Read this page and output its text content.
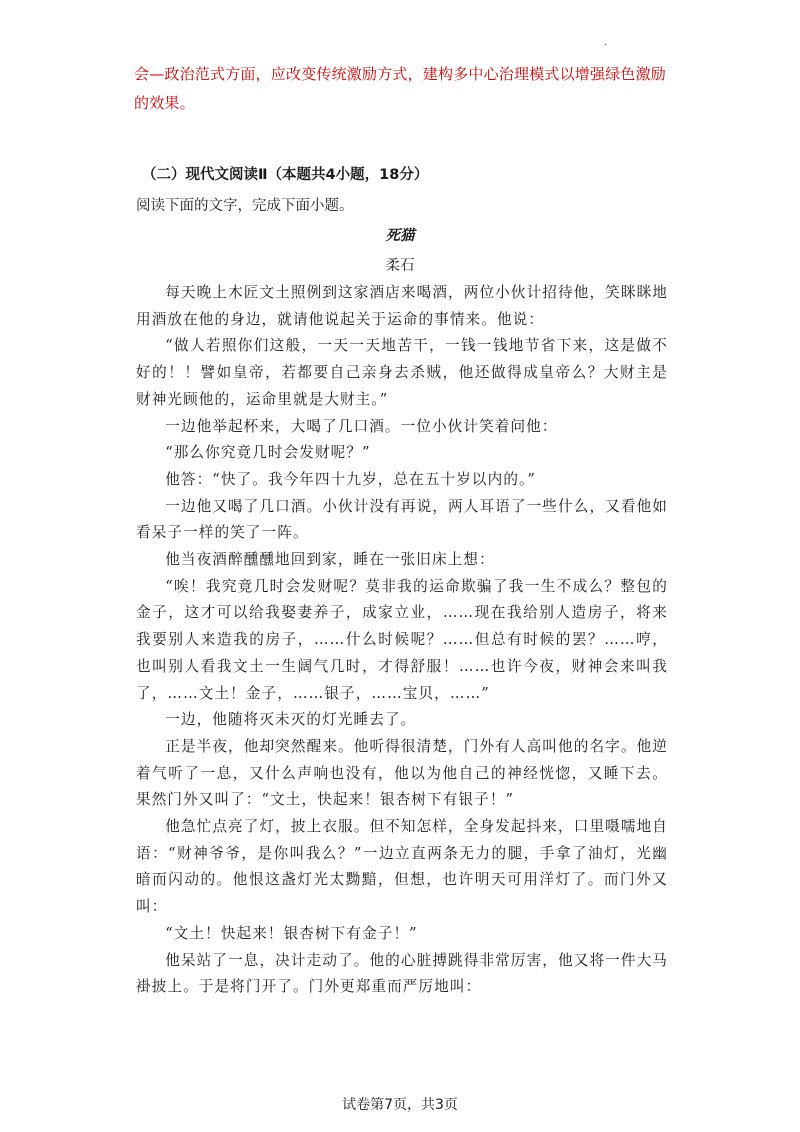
·
会—政治范式方面，应改变传统激励方式，建构多中心治理模式以增强绿色激励的效果。
（二）现代文阅读Ⅱ（本题共4小题，18分）
阅读下面的文字，完成下面小题。
死猫
柔石

每天晚上木匠文土照例到这家酒店来喝酒，两位小伙计招待他，笑眯眯地用酒放在他的身边，就请他说起关于运命的事情来。他说：

“做人若照你们这般，一天一天地苦干，一钱一钱地节省下来，这是做不好的！！譬如皇帝，若都要自己亲身去杀贼，他还做得成皇帝么？大财主是财神光顾他的，运命里就是大财主。”

一边他举起杯来，大喝了几口酒。一位小伙计笑着问他：

“那么你究竟几时会发财呢？”

他答：“快了。我今年四十九岁，总在五十岁以内的。”

一边他又喝了几口酒。小伙计没有再说，两人耳语了一些什么，又看他如看呆子一样的笑了一阵。

他当夜酒醉醺醺地回到家，睡在一张旧床上想：

“唉！我究竟几时会发财呢？莫非我的运命欺骗了我一生不成么？整包的金子，这才可以给我娶妻养子，成家立业，……现在我给别人造房子，将来我要别人来造我的房子，……什么时候呢？……但总有时候的罢？……哼，也叫别人看我文土一生阔气几时，才得舒服！……也许今夜，财神会来叫我了，……文土！金子，……银子，……宝贝，……”

一边，他随将灭未灭的灯光睡去了。

正是半夜，他却突然醒来。他听得很清楚，门外有人高叫他的名字。他逆着气听了一息，又什么声响也没有，他以为他自己的神经恍惚，又睡下去。果然门外又叫了：“文土，快起来！银杏树下有银子！”

他急忙点亮了灯，披上衣服。但不知怎样，全身发起抖来，口里嗫嚅地自语：“财神爷爷，是你叫我么？”一边立直两条无力的腿，手拿了油灯，光幽暗而闪动的。他恨这盏灯光太黝黯，但想，也许明天可用洋灯了。而门外又叫：

“文土！快起来！银杏树下有金子！”

他呆站了一息，决计走动了。他的心脏搏跳得非常厉害，他又将一件大马褂披上。于是将门开了。门外更郑重而严厉地叫：

试卷第7页，共3页
